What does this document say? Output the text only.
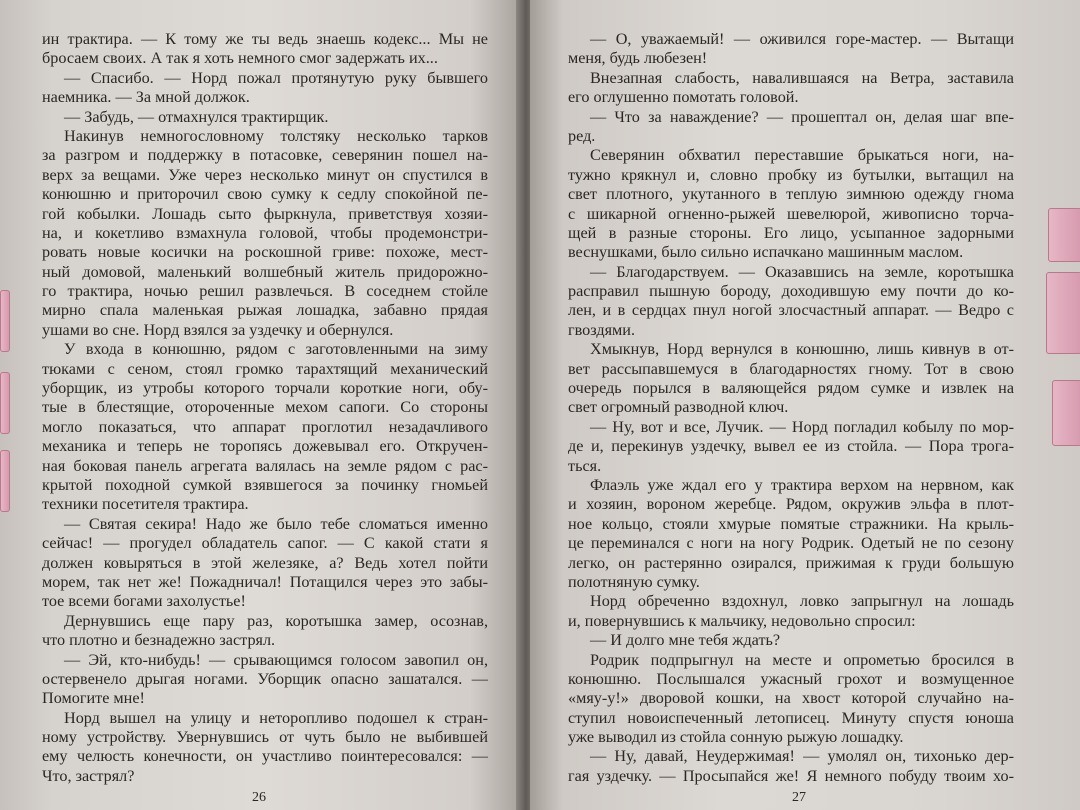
ин трактира. — К тому же ты ведь знаешь кодекс... Мы не
бросаем своих. А так я хоть немного смог задержать их...
— Спасибо. — Норд пожал протянутую руку бывшего
наемника. — За мной должок.
— Забудь, — отмахнулся трактирщик.
Накинув немногословному толстяку несколько тарков
за разгром и поддержку в потасовке, северянин пошел на-
верх за вещами. Уже через несколько минут он спустился в
конюшню и приторочил свою сумку к седлу спокойной пе-
гой кобылки. Лошадь сыто фыркнула, приветствуя хозяи-
на, и кокетливо взмахнула головой, чтобы продемонстри-
ровать новые косички на роскошной гриве: похоже, мест-
ный домовой, маленький волшебный житель придорожно-
го трактира, ночью решил развлечься. В соседнем стойле
мирно спала маленькая рыжая лошадка, забавно прядая
ушами во сне. Норд взялся за уздечку и обернулся.
У входа в конюшню, рядом с заготовленными на зиму
тюками с сеном, стоял громко тарахтящий механический
уборщик, из утробы которого торчали короткие ноги, обу-
тые в блестящие, отороченные мехом сапоги. Со стороны
могло показаться, что аппарат проглотил незадачливого
механика и теперь не торопясь дожевывал его. Откручен-
ная боковая панель агрегата валялась на земле рядом с рас-
крытой походной сумкой взявшегося за починку гномьей
техники посетителя трактира.
— Святая секира! Надо же было тебе сломаться именно
сейчас! — прогудел обладатель сапог. — С какой стати я
должен ковыряться в этой железяке, а? Ведь хотел пойти
морем, так нет же! Пожадничал! Потащился через это забы-
тое всеми богами захолустье!
Дернувшись еще пару раз, коротышка замер, осознав,
что плотно и безнадежно застрял.
— Эй, кто-нибудь! — срывающимся голосом завопил он,
остервенело дрыгая ногами. Уборщик опасно зашатался. —
Помогите мне!
Норд вышел на улицу и неторопливо подошел к стран-
ному устройству. Увернувшись от чуть было не выбившей
ему челюсть конечности, он участливо поинтересовался: —
Что, застрял?
26
— О, уважаемый! — оживился горе-мастер. — Вытащи
меня, будь любезен!
Внезапная слабость, навалившаяся на Ветра, заставила
его оглушенно помотать головой.
— Что за наваждение? — прошептал он, делая шаг впе-
ред.
Северянин обхватил переставшие брыкаться ноги, на-
тужно крякнул и, словно пробку из бутылки, вытащил на
свет плотного, укутанного в теплую зимнюю одежду гнома
с шикарной огненно-рыжей шевелюрой, живописно торча-
щей в разные стороны. Его лицо, усыпанное задорными
веснушками, было сильно испачкано машинным маслом.
— Благодарствуем. — Оказавшись на земле, коротышка
расправил пышную бороду, доходившую ему почти до ко-
лен, и в сердцах пнул ногой злосчастный аппарат. — Ведро с
гвоздями.
Хмыкнув, Норд вернулся в конюшню, лишь кивнув в от-
вет рассыпавшемуся в благодарностях гному. Тот в свою
очередь порылся в валяющейся рядом сумке и извлек на
свет огромный разводной ключ.
— Ну, вот и все, Лучик. — Норд погладил кобылу по мор-
де и, перекинув уздечку, вывел ее из стойла. — Пора трога-
ться.
Флаэль уже ждал его у трактира верхом на нервном, как
и хозяин, вороном жеребце. Рядом, окружив эльфа в плот-
ное кольцо, стояли хмурые помятые стражники. На крыль-
це переминался с ноги на ногу Родрик. Одетый не по сезону
легко, он растерянно озирался, прижимая к груди большую
полотняную сумку.
Норд обреченно вздохнул, ловко запрыгнул на лошадь
и, повернувшись к мальчику, недовольно спросил:
— И долго мне тебя ждать?
Родрик подпрыгнул на месте и опрометью бросился в
конюшню. Послышался ужасный грохот и возмущенное
«мяу-у!» дворовой кошки, на хвост которой случайно на-
ступил новоиспеченный летописец. Минуту спустя юноша
уже выводил из стойла сонную рыжую лошадку.
— Ну, давай, Неудержимая! — умолял он, тихонько дер-
гая уздечку. — Просыпайся же! Я немного побуду твоим хо-
27
